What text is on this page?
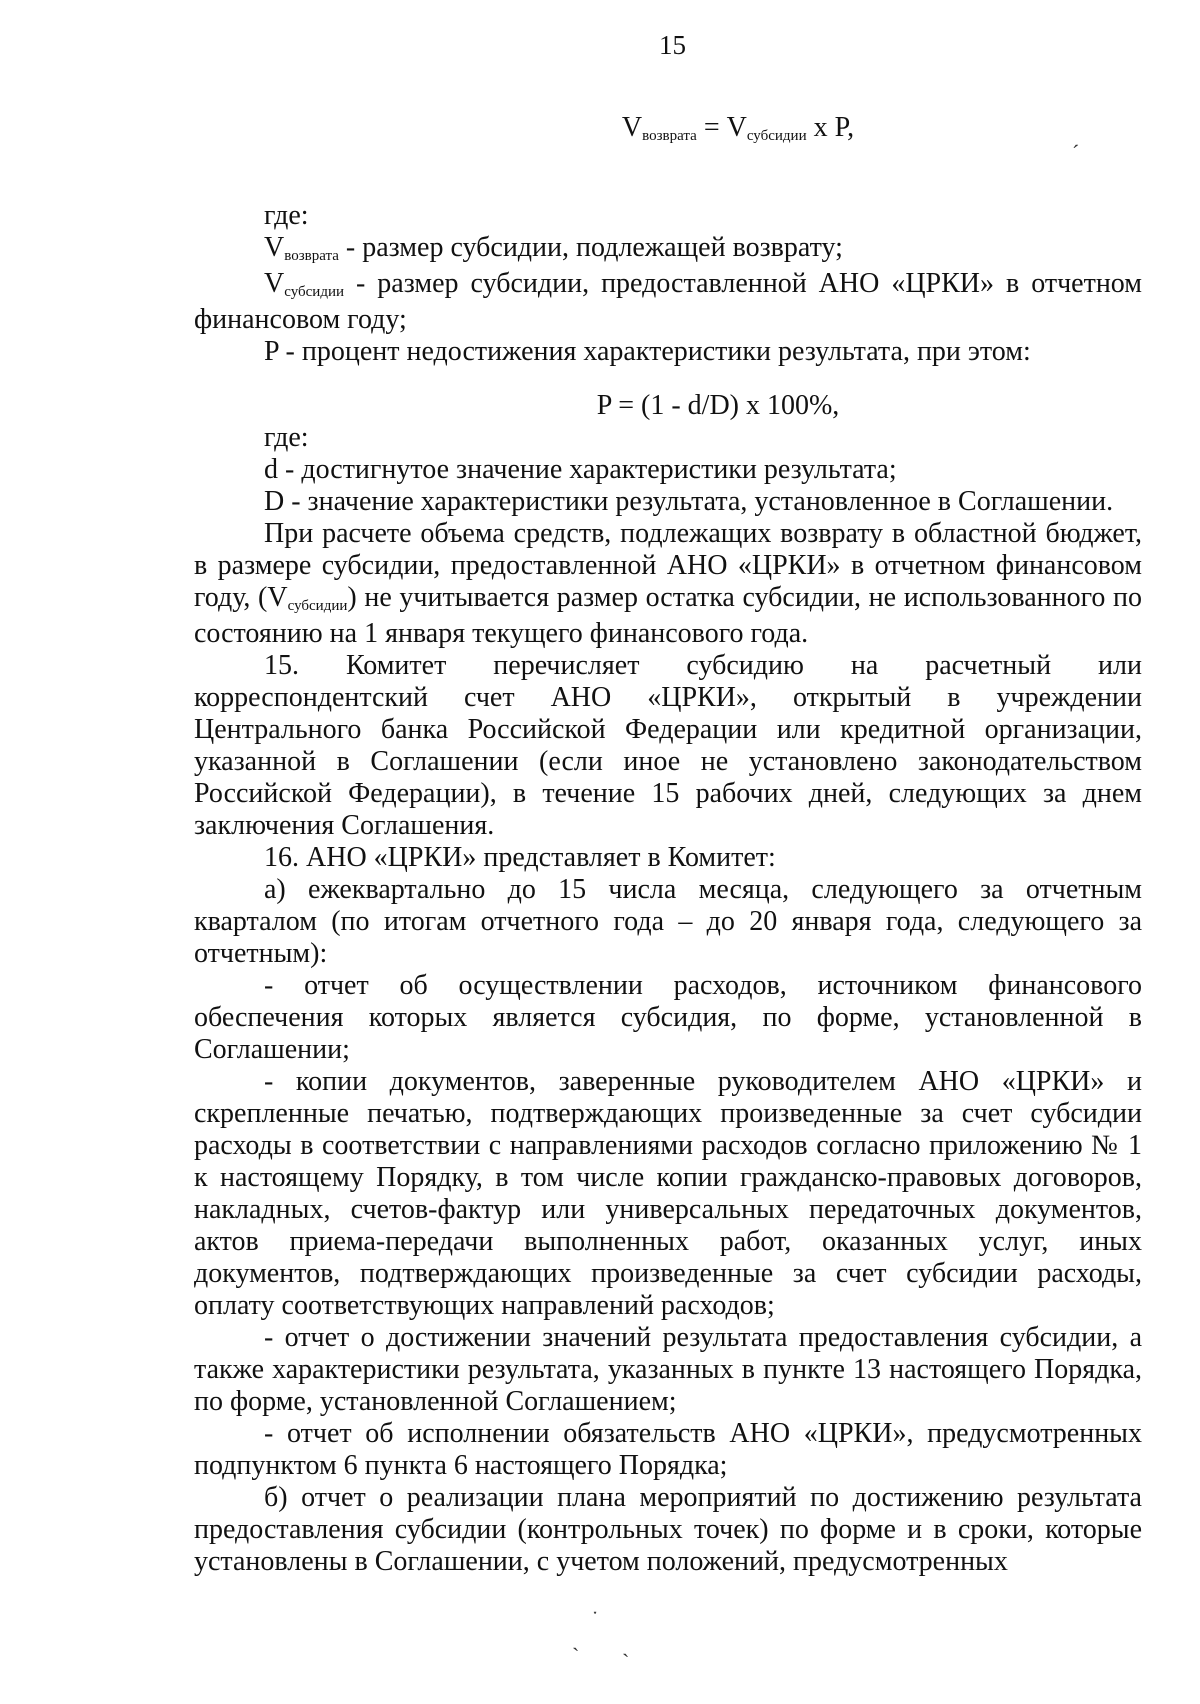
15
ˊ
ˑ
ˎ ˎ
$V_{возврата} = V_{субсидии}$ x P,

где:

$V_{возврата}$ - размер субсидии, подлежащей возврату;

$V_{субсидии}$ - размер субсидии, предоставленной АНО «ЦРКИ» в отчетном финансовом году;

P - процент недостижения характеристики результата, при этом:

P = (1 - d/D) x 100%,

где:

d - достигнутое значение характеристики результата;

D - значение характеристики результата, установленное в Соглашении.

При расчете объема средств, подлежащих возврату в областной бюджет, в размере субсидии, предоставленной АНО «ЦРКИ» в отчетном финансовом году, $(V_{субсидии})$ не учитывается размер остатка субсидии, не использованного по состоянию на 1 января текущего финансового года.

15. Комитет перечисляет субсидию на расчетный или корреспондентский счет АНО «ЦРКИ», открытый в учреждении Центрального банка Российской Федерации или кредитной организации, указанной в Соглашении (если иное не установлено законодательством Российской Федерации), в течение 15 рабочих дней, следующих за днем заключения Соглашения.

16. АНО «ЦРКИ» представляет в Комитет:

а) ежеквартально до 15 числа месяца, следующего за отчетным кварталом (по итогам отчетного года – до 20 января года, следующего за отчетным):

- отчет об осуществлении расходов, источником финансового обеспечения которых является субсидия, по форме, установленной в Соглашении;

- копии документов, заверенные руководителем АНО «ЦРКИ» и скрепленные печатью, подтверждающих произведенные за счет субсидии расходы в соответствии с направлениями расходов согласно приложению № 1 к настоящему Порядку, в том числе копии гражданско-правовых договоров, накладных, счетов-фактур или универсальных передаточных документов, актов приема-передачи выполненных работ, оказанных услуг, иных документов, подтверждающих произведенные за счет субсидии расходы, оплату соответствующих направлений расходов;

- отчет о достижении значений результата предоставления субсидии, а также характеристики результата, указанных в пункте 13 настоящего Порядка, по форме, установленной Соглашением;

- отчет об исполнении обязательств АНО «ЦРКИ», предусмотренных подпунктом 6 пункта 6 настоящего Порядка;

б) отчет о реализации плана мероприятий по достижению результата предоставления субсидии (контрольных точек) по форме и в сроки, которые установлены в Соглашении, с учетом положений, предусмотренных
